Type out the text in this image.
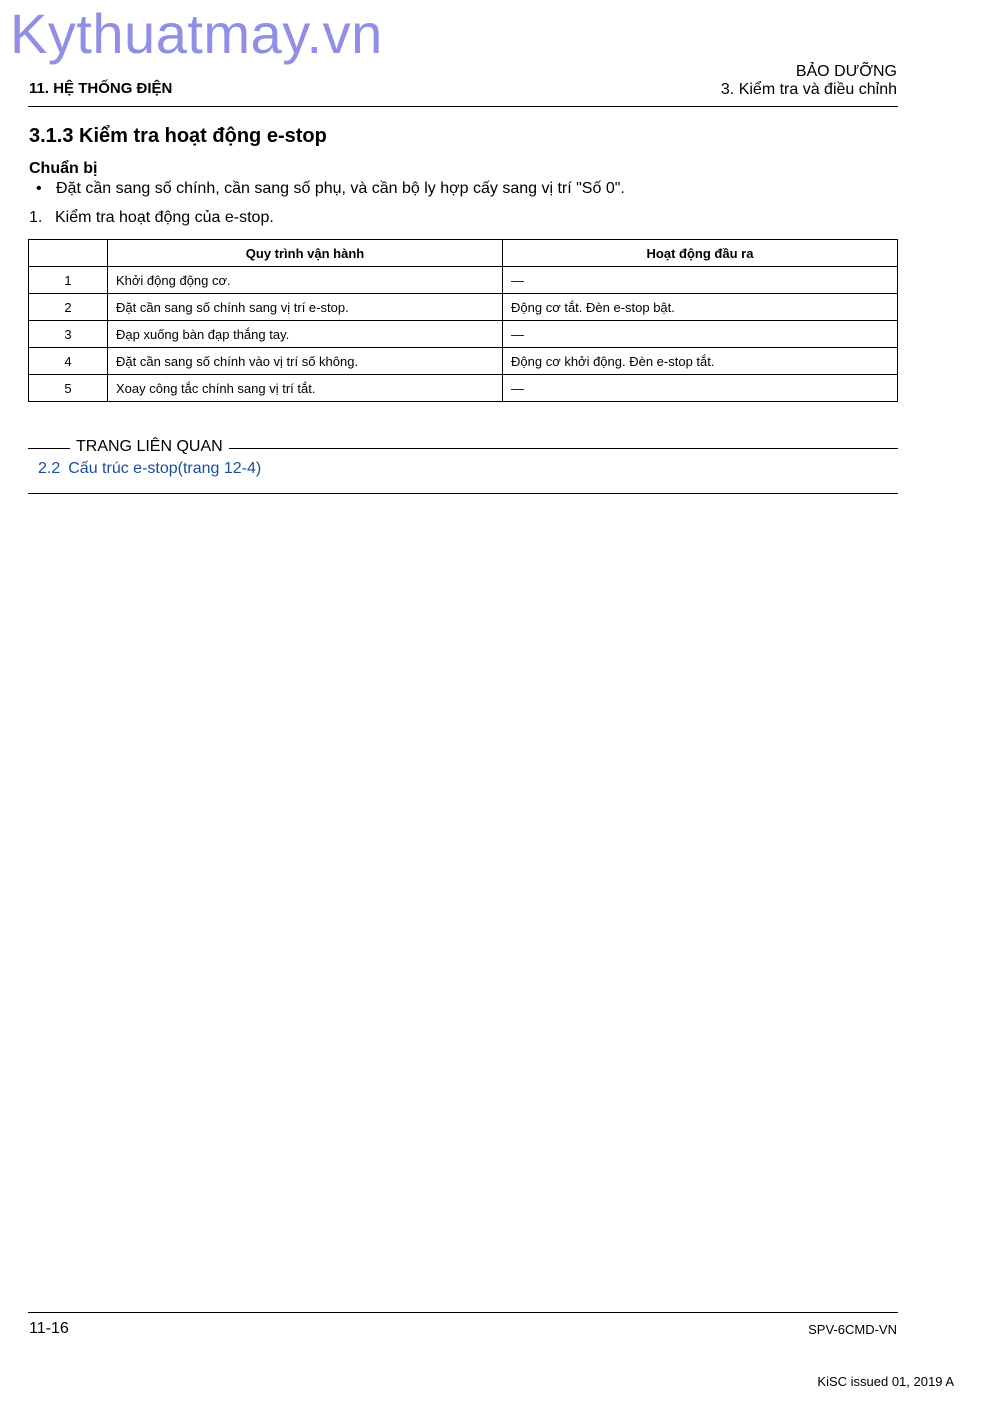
Kythuatmay.vn
11. HỆ THỐNG ĐIỆN
BẢO DƯỠNG
3. Kiểm tra và điều chỉnh
3.1.3 Kiểm tra hoạt động e-stop
Chuẩn bị
• Đặt cần sang số chính, cần sang số phụ, và cần bộ ly hợp cấy sang vị trí "Số 0".
1. Kiểm tra hoạt động của e-stop.
	Quy trình vận hành	Hoạt động đầu ra
1	Khởi động động cơ.	—
2	Đặt cần sang số chính sang vị trí e-stop.	Động cơ tắt. Đèn e-stop bật.
3	Đạp xuống bàn đạp thắng tay.	—
4	Đặt cần sang số chính vào vị trí số không.	Động cơ khởi động. Đèn e-stop tắt.
5	Xoay công tắc chính sang vị trí tắt.	—
TRANG LIÊN QUAN
2.2 Cấu trúc e-stop(trang 12-4)
11-16	SPV-6CMD-VN
KiSC issued 01, 2019 A
